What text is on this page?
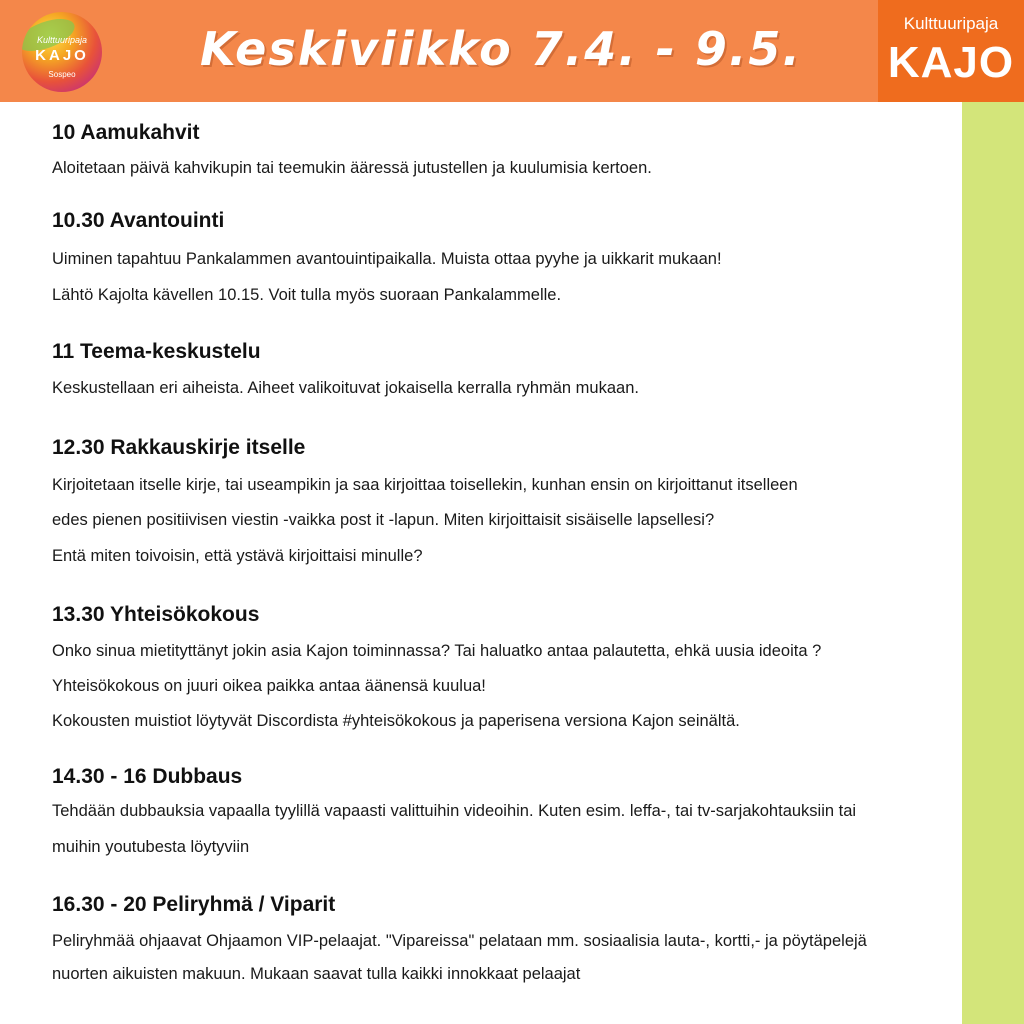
Kulttuuripaja
KAJO
Sospeo	Keskiviikko 7.4. - 9.5.	Kulttuuripaja
KAJO
10 Aamukahvit
Aloitetaan päivä kahvikupin tai teemukin ääressä jutustellen ja kuulumisia kertoen.
10.30 Avantouinti
Uiminen tapahtuu Pankalammen avantouintipaikalla. Muista ottaa pyyhe ja uikkarit mukaan!
Lähtö Kajolta kävellen 10.15. Voit tulla myös suoraan Pankalammelle.
11 Teema-keskustelu
Keskustellaan eri aiheista. Aiheet valikoituvat jokaisella kerralla ryhmän mukaan.
12.30 Rakkauskirje itselle
Kirjoitetaan itselle kirje, tai useampikin ja saa kirjoittaa toisellekin, kunhan ensin on kirjoittanut itselleen
edes pienen positiivisen viestin -vaikka post it -lapun. Miten kirjoittaisit sisäiselle lapsellesi?
Entä miten toivoisin, että ystävä kirjoittaisi minulle?
13.30 Yhteisökokous
Onko sinua mietityttänyt jokin asia Kajon toiminnassa? Tai haluatko antaa palautetta, ehkä uusia ideoita ?
Yhteisökokous on juuri oikea paikka antaa äänensä kuulua!
Kokousten muistiot löytyvät Discordista #yhteisökokous ja paperisena versiona Kajon seinältä.
14.30 - 16 Dubbaus
Tehdään dubbauksia vapaalla tyylillä vapaasti valittuihin videoihin. Kuten esim. leffa-, tai tv-sarjakohtauksiin tai
muihin youtubesta löytyviin
16.30 - 20 Peliryhmä / Viparit
Peliryhmää ohjaavat Ohjaamon VIP-pelaajat. "Vipareissa" pelataan mm. sosiaalisia lauta-, kortti,- ja pöytäpelejä
nuorten aikuisten makuun. Mukaan saavat tulla kaikki innokkaat pelaajat
